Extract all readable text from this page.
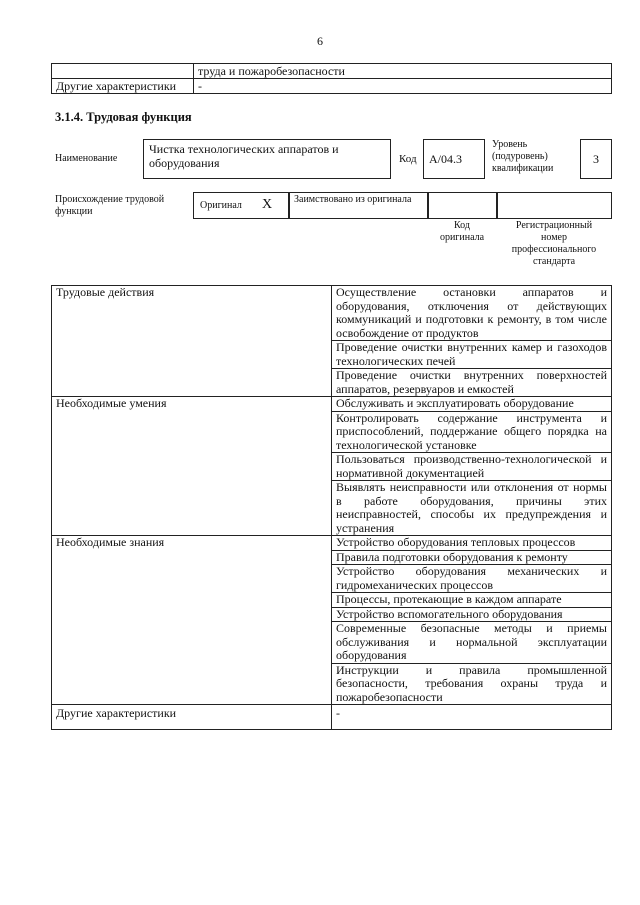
6
	труда и пожаробезопасности
Другие характеристики	-
3.1.4. Трудовая функция
Наименование
Чистка технологических аппаратов и оборудования	Код	A/04.3
Уровень (подуровень) квалификации
3
Происхождение трудовой функции
Оригинал X	Заимствовано из оригинала
Код оригинала
Регистрационный номер профессионального стандарта
Трудовые действия	Осуществление остановки аппаратов и оборудования, отключения от действующих коммуникаций и подготовки к ремонту, в том числе освобождение от продуктов
	Проведение очистки внутренних камер и газоходов технологических печей
	Проведение очистки внутренних поверхностей аппаратов, резервуаров и емкостей
Необходимые умения	Обслуживать и эксплуатировать оборудование
	Контролировать содержание инструмента и приспособлений, поддержание общего порядка на технологической установке
	Пользоваться производственно-технологической и нормативной документацией
	Выявлять неисправности или отклонения от нормы в работе оборудования, причины этих неисправностей, способы их предупреждения и устранения
Необходимые знания	Устройство оборудования тепловых процессов
	Правила подготовки оборудования к ремонту
	Устройство оборудования механических и гидромеханических процессов
	Процессы, протекающие в каждом аппарате
	Устройство вспомогательного оборудования
	Современные безопасные методы и приемы обслуживания и нормальной эксплуатации оборудования
	Инструкции и правила промышленной безопасности, требования охраны труда и пожаробезопасности
Другие характеристики	-
